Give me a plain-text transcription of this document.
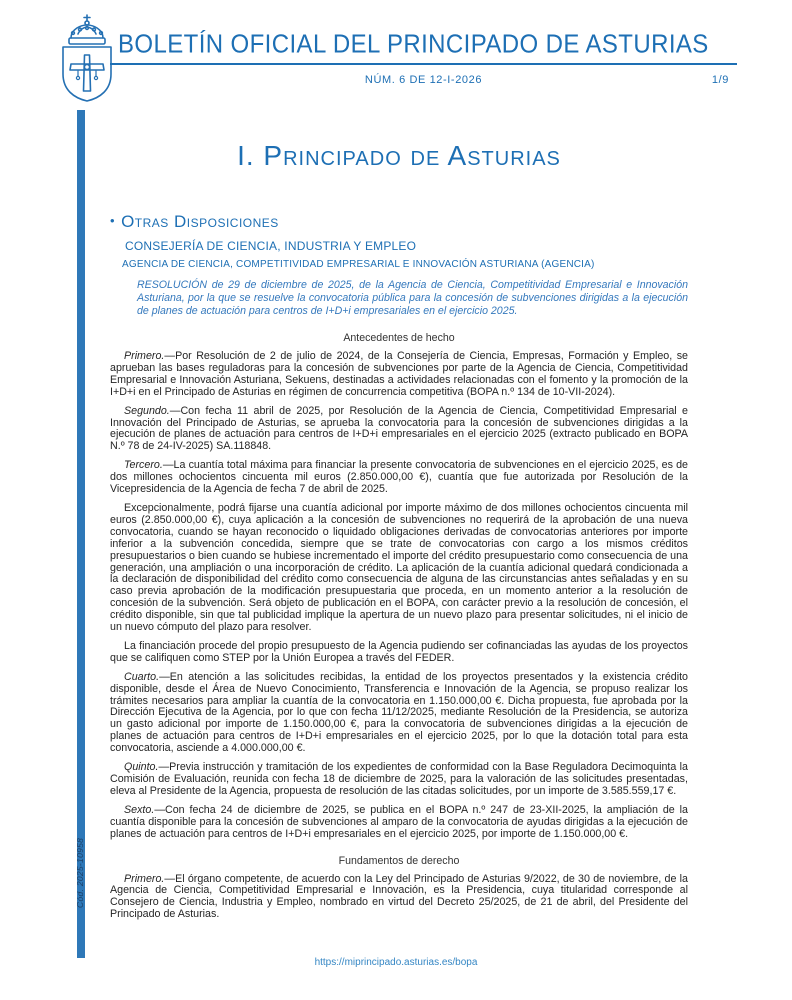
BOLETÍN OFICIAL DEL PRINCIPADO DE ASTURIAS
NÚM. 6 DE 12-I-2026	1/9
Cód. 2025-10958
I. Principado de Asturias
• Otras Disposiciones
CONSEJERÍA DE CIENCIA, INDUSTRIA Y EMPLEO
AGENCIA DE CIENCIA, COMPETITIVIDAD EMPRESARIAL E INNOVACIÓN ASTURIANA (AGENCIA)
RESOLUCIÓN de 29 de diciembre de 2025, de la Agencia de Ciencia, Competitividad Empresarial e Innovación Asturiana, por la que se resuelve la convocatoria pública para la concesión de subvenciones dirigidas a la ejecución de planes de actuación para centros de I+D+i empresariales en el ejercicio 2025.
Antecedentes de hecho

Primero.—Por Resolución de 2 de julio de 2024, de la Consejería de Ciencia, Empresas, Formación y Empleo, se aprueban las bases reguladoras para la concesión de subvenciones por parte de la Agencia de Ciencia, Competitividad Empresarial e Innovación Asturiana, Sekuens, destinadas a actividades relacionadas con el fomento y la promoción de la I+D+i en el Principado de Asturias en régimen de concurrencia competitiva (BOPA n.º 134 de 10-VII-2024).

Segundo.—Con fecha 11 abril de 2025, por Resolución de la Agencia de Ciencia, Competitividad Empresarial e Innovación del Principado de Asturias, se aprueba la convocatoria para la concesión de subvenciones dirigidas a la ejecución de planes de actuación para centros de I+D+i empresariales en el ejercicio 2025 (extracto publicado en BOPA N.º 78 de 24-IV-2025) SA.118848.

Tercero.—La cuantía total máxima para financiar la presente convocatoria de subvenciones en el ejercicio 2025, es de dos millones ochocientos cincuenta mil euros (2.850.000,00 €), cuantía que fue autorizada por Resolución de la Vicepresidencia de la Agencia de fecha 7 de abril de 2025.

Excepcionalmente, podrá fijarse una cuantía adicional por importe máximo de dos millones ochocientos cincuenta mil euros (2.850.000,00 €), cuya aplicación a la concesión de subvenciones no requerirá de la aprobación de una nueva convocatoria, cuando se hayan reconocido o liquidado obligaciones derivadas de convocatorias anteriores por importe inferior a la subvención concedida, siempre que se trate de convocatorias con cargo a los mismos créditos presupuestarios o bien cuando se hubiese incrementado el importe del crédito presupuestario como consecuencia de una generación, una ampliación o una incorporación de crédito. La aplicación de la cuantía adicional quedará condicionada a la declaración de disponibilidad del crédito como consecuencia de alguna de las circunstancias antes señaladas y en su caso previa aprobación de la modificación presupuestaria que proceda, en un momento anterior a la resolución de concesión de la subvención. Será objeto de publicación en el BOPA, con carácter previo a la resolución de concesión, el crédito disponible, sin que tal publicidad implique la apertura de un nuevo plazo para presentar solicitudes, ni el inicio de un nuevo cómputo del plazo para resolver.

La financiación procede del propio presupuesto de la Agencia pudiendo ser cofinanciadas las ayudas de los proyectos que se califiquen como STEP por la Unión Europea a través del FEDER.

Cuarto.—En atención a las solicitudes recibidas, la entidad de los proyectos presentados y la existencia crédito disponible, desde el Área de Nuevo Conocimiento, Transferencia e Innovación de la Agencia, se propuso realizar los trámites necesarios para ampliar la cuantía de la convocatoria en 1.150.000,00 €. Dicha propuesta, fue aprobada por la Dirección Ejecutiva de la Agencia, por lo que con fecha 11/12/2025, mediante Resolución de la Presidencia, se autoriza un gasto adicional por importe de 1.150.000,00 €, para la convocatoria de subvenciones dirigidas a la ejecución de planes de actuación para centros de I+D+i empresariales en el ejercicio 2025, por lo que la dotación total para esta convocatoria, asciende a 4.000.000,00 €.

Quinto.—Previa instrucción y tramitación de los expedientes de conformidad con la Base Reguladora Decimoquinta la Comisión de Evaluación, reunida con fecha 18 de diciembre de 2025, para la valoración de las solicitudes presentadas, eleva al Presidente de la Agencia, propuesta de resolución de las citadas solicitudes, por un importe de 3.585.559,17 €.

Sexto.—Con fecha 24 de diciembre de 2025, se publica en el BOPA n.º 247 de 23-XII-2025, la ampliación de la cuantía disponible para la concesión de subvenciones al amparo de la convocatoria de ayudas dirigidas a la ejecución de planes de actuación para centros de I+D+i empresariales en el ejercicio 2025, por importe de 1.150.000,00 €.

Fundamentos de derecho

Primero.—El órgano competente, de acuerdo con la Ley del Principado de Asturias 9/2022, de 30 de noviembre, de la Agencia de Ciencia, Competitividad Empresarial e Innovación, es la Presidencia, cuya titularidad corresponde al Consejero de Ciencia, Industria y Empleo, nombrado en virtud del Decreto 25/2025, de 21 de abril, del Presidente del Principado de Asturias.

https://miprincipado.asturias.es/bopa
